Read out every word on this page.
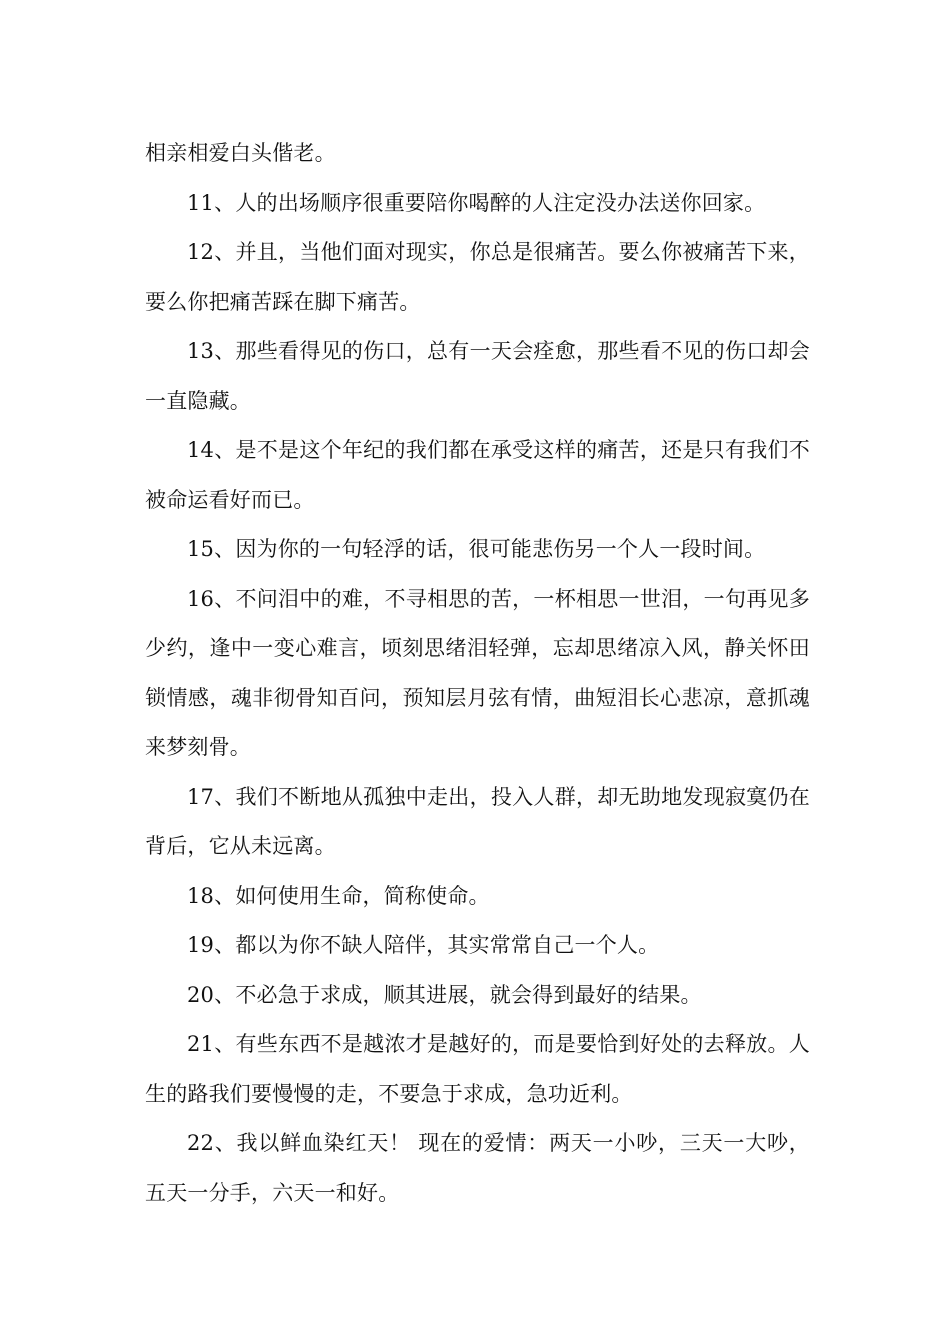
相亲相爱白头偕老。

11、人的出场顺序很重要陪你喝醉的人注定没办法送你回家。

12、并且，当他们面对现实，你总是很痛苦。要么你被痛苦下来，要么你把痛苦踩在脚下痛苦。

13、那些看得见的伤口，总有一天会痊愈，那些看不见的伤口却会一直隐藏。

14、是不是这个年纪的我们都在承受这样的痛苦，还是只有我们不被命运看好而已。

15、因为你的一句轻浮的话，很可能悲伤另一个人一段时间。

16、不问泪中的难，不寻相思的苦，一杯相思一世泪，一句再见多少约，逢中一变心难言，顷刻思绪泪轻弹，忘却思绪凉入风，静关怀田锁情感，魂非彻骨知百问，预知层月弦有情，曲短泪长心悲凉，意抓魂来梦刻骨。

17、我们不断地从孤独中走出，投入人群，却无助地发现寂寞仍在背后，它从未远离。

18、如何使用生命，简称使命。

19、都以为你不缺人陪伴，其实常常自己一个人。

20、不必急于求成，顺其进展，就会得到最好的结果。

21、有些东西不是越浓才是越好的，而是要恰到好处的去释放。人生的路我们要慢慢的走，不要急于求成，急功近利。

22、我以鲜血染红天！ 现在的爱情：两天一小吵，三天一大吵，五天一分手，六天一和好。
